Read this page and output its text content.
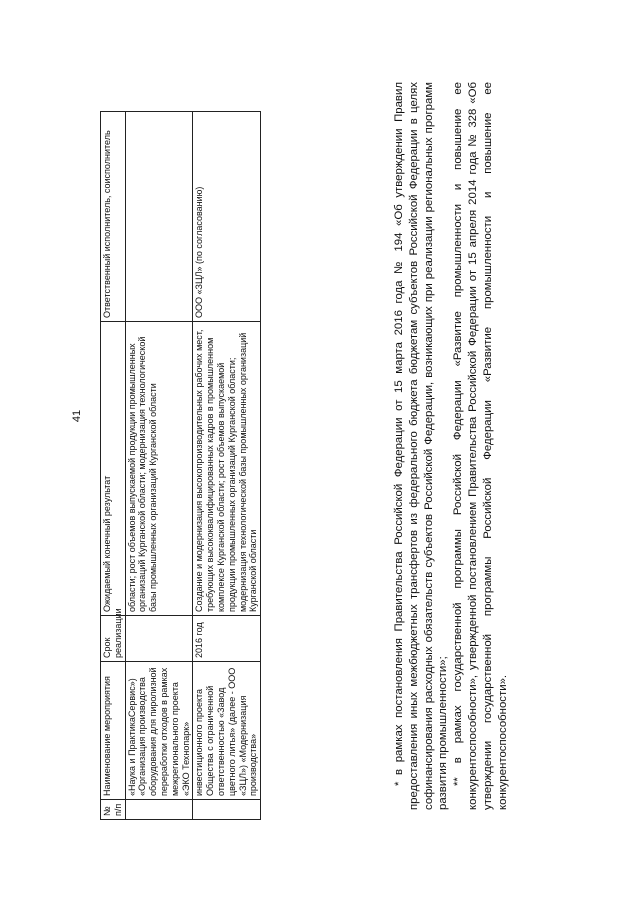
41
№ п/п	Наименование мероприятия	Срок реализации	Ожидаемый конечный результат	Ответственный исполнитель, соисполнитель
	«Наука и ПрактикаСервис») «Организация производства оборудования для пиролизной переработки отходов в рамках межрегионального проекта «ЭКО Технопарк»		области; рост объемов выпускаемой продукции промышленных организаций Курганской области; модернизация технологической базы промышленных организаций Курганской области	
	инвестиционного проекта Общества с ограниченной ответственностью «Завод цветного литья» (далее - ООО «ЗЦЛ») «Модернизация производства»	2016 год	Создание и модернизация высокопроизводительных рабочих мест, требующих высококвалифицированных кадров в промышленном комплексе Курганской области; рост объемов выпускаемой продукции промышленных организаций Курганской области; модернизация технологической базы промышленных организаций Курганской области	ООО «ЗЦЛ» (по согласованию)	* в рамках постановления Правительства Российской Федерации от 15 марта 2016 года № 194 «Об утверждении Правил предоставления иных межбюджетных трансфертов из федерального бюджета бюджетам субъектов Российской Федерации в целях софинансирования расходных обязательств субъектов Российской Федерации, возникающих при реализации региональных программ развития промышленности»; ** в рамках государственной программы Российской Федерации «Развитие промышленности и повышение ее конкурентоспособности», утвержденной постановлением Правительства Российской Федерации от 15 апреля 2014 года № 328 «Об утверждении государственной программы Российской Федерации «Развитие промышленности и повышение ее конкурентоспособности».
